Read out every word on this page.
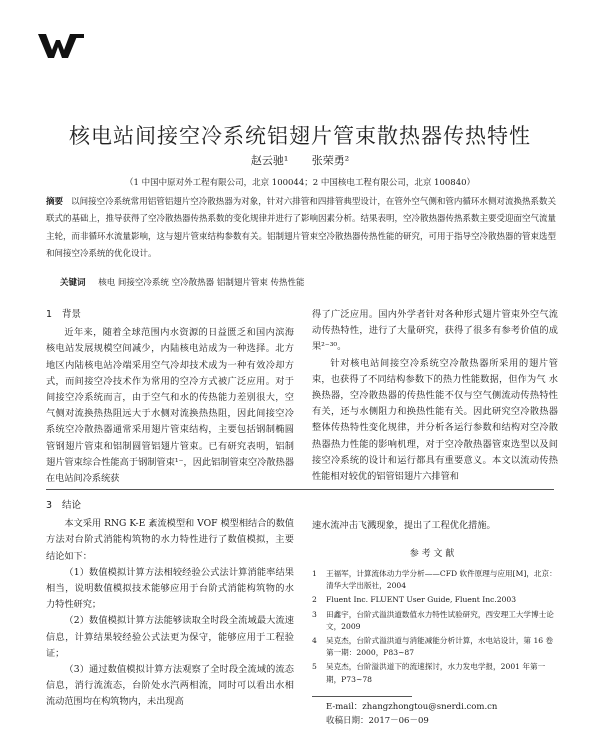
核电站间接空冷系统铝翅片管束散热器传热特性
赵云驰¹ 张荣勇²
（1 中国中原对外工程有限公司，北京 100044；2 中国核电工程有限公司，北京 100840）
摘要 以间接空冷系统常用铝管铝翅片空冷散热器为对象，针对六排管和四排管典型设计，在管外空气侧和管内循环水侧对流换热系数关联式的基础上，推导获得了空冷散热器传热系数的变化规律并进行了影响因素分析。结果表明，空冷散热器传热系数主要受迎面空气流量主轮，而非循环水流量影响，这与翅片管束结构参数有关。铝制翅片管束空冷散热器传热性能的研究，可用于指导空冷散热器的管束选型和间接空冷系统的优化设计。
关键词 核电 间接空冷系统 空冷散热器 铝制翅片管束 传热性能
1 背景

近年来，随着全球范围内水资源的日益匮乏和国内滨海核电站发展规模空间减少，内陆核电站成为一种选择。北方地区内陆核电站冷端采用空气冷却技术成为一种有效冷却方式，而间接空冷技术作为常用的空冷方式被广泛应用。对于间接空冷系统而言，由于空气和水的传热能力差别很大，空气侧对流换热热阻远大于水侧对流换热热阻，因此间接空冷系统空冷散热器通常采用翅片管束结构，主要包括钢制椭圆管钢翅片管束和铝制圆管铝翅片管束。已有研究表明，铝制翅片管束综合性能高于钢制管束¹⁻，因此铝制管束空冷散热器在电站间冷系统获

得了广泛应用。国内外学者针对各种形式翅片管束外空气流动传热特性，进行了大量研究，获得了很多有参考价值的成果²⁻³⁰。

针对核电站间接空冷系统空冷散热器所采用的翅片管束，也获得了不同结构参数下的热力性能数据，但作为气 水换热器，空冷散热器的传热性能不仅与空气侧流动传热特性有关，还与水侧阻力和换热性能有关。因此研究空冷散热器整体传热特性变化规律，并分析各运行参数和结构对空冷散热器热力性能的影响机理，对于空冷散热器管束选型以及间接空冷系统的设计和运行都具有重要意义。本文以流动传热性能相对较优的铝管铝翅片六排管和

3 结论

本文采用 RNG K-E 紊流模型和 VOF 模型相结合的数值方法对台阶式消能构筑物的水力特性进行了数值模拟，主要结论如下：

（1）数值模拟计算方法相较经验公式法计算消能率结果相当，说明数值模拟技术能够应用于台阶式消能构筑物的水力特性研究；

（2）数值模拟计算方法能够读取全时段全流域最大流速信息，计算结果较经验公式法更为保守，能够应用于工程验证；

（3）通过数值模拟计算方法观察了全时段全流域的流态信息，消行流流态，台阶处水汽两相流，同时可以看出水相流动范围均在构筑物内，未出现高

速水流冲击飞溅现象，提出了工程优化措施。

参 考 文 献
1	王福军，计算流体动力学分析——CFD 软件原理与应用[M]，北京：清华大学出版社，2004
2	Fluent Inc. FLUENT User Guide, Fluent Inc.2003
3	田鑫宇，台阶式溢洪道数值水力特性试验研究，西安理工大学博士论文，2009
4	吴克杰，台阶式溢洪道与消能减能分析计算，水电站设计，第 16 卷第一期：2000，P83~87
5	吴克杰，台阶溢洪道下的流速探讨，水力发电学报，2001 年第一期，P73~78
E-mail：zhangzhongtou@snerdi.com.cn
收稿日期：2017－06－09
